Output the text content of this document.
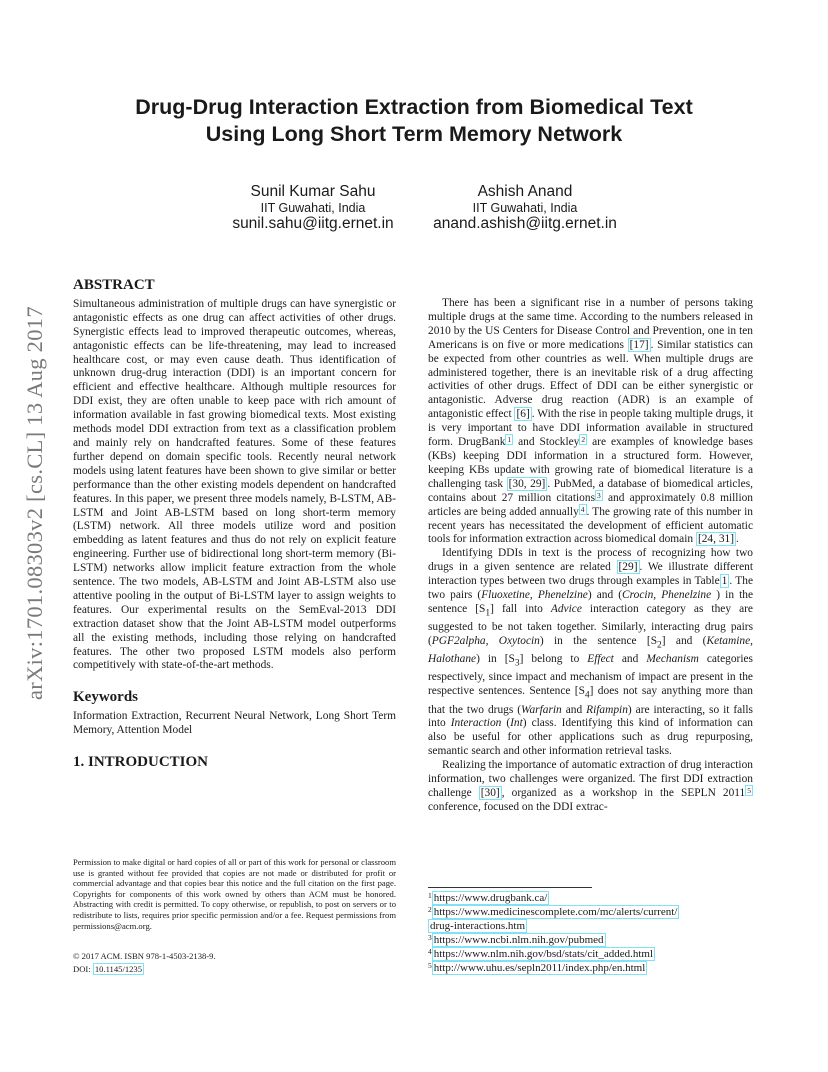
Drug-Drug Interaction Extraction from Biomedical Text
Using Long Short Term Memory Network
Sunil Kumar Sahu
IIT Guwahati, India
sunil.sahu@iitg.ernet.in
Ashish Anand
IIT Guwahati, India
anand.ashish@iitg.ernet.in
arXiv:1701.08303v2 [cs.CL] 13 Aug 2017
ABSTRACT

Simultaneous administration of multiple drugs can have synergistic or antagonistic effects as one drug can affect activities of other drugs. Synergistic effects lead to improved therapeutic outcomes, whereas, antagonistic effects can be life-threatening, may lead to increased healthcare cost, or may even cause death. Thus identification of unknown drug-drug interaction (DDI) is an important concern for efficient and effective healthcare. Although multiple resources for DDI exist, they are often unable to keep pace with rich amount of information available in fast growing biomedical texts. Most existing methods model DDI extraction from text as a classification problem and mainly rely on handcrafted features. Some of these features further depend on domain specific tools. Recently neural network models using latent features have been shown to give similar or better performance than the other existing models dependent on handcrafted features. In this paper, we present three models namely, B-LSTM, AB-LSTM and Joint AB-LSTM based on long short-term memory (LSTM) network. All three models utilize word and position embedding as latent features and thus do not rely on explicit feature engineering. Further use of bidirectional long short-term memory (Bi-LSTM) networks allow implicit feature extraction from the whole sentence. The two models, AB-LSTM and Joint AB-LSTM also use attentive pooling in the output of Bi-LSTM layer to assign weights to features. Our experimental results on the SemEval-2013 DDI extraction dataset show that the Joint AB-LSTM model outperforms all the existing methods, including those relying on handcrafted features. The other two proposed LSTM models also perform competitively with state-of-the-art methods.

Keywords

Information Extraction, Recurrent Neural Network, Long Short Term Memory, Attention Model

1. INTRODUCTION
Permission to make digital or hard copies of all or part of this work for personal or classroom use is granted without fee provided that copies are not made or distributed for profit or commercial advantage and that copies bear this notice and the full citation on the first page. Copyrights for components of this work owned by others than ACM must be honored. Abstracting with credit is permitted. To copy otherwise, or republish, to post on servers or to redistribute to lists, requires prior specific permission and/or a fee. Request permissions from permissions@acm.org.
© 2017 ACM. ISBN 978-1-4503-2138-9.
DOI: 10.1145/1235

There has been a significant rise in a number of persons taking multiple drugs at the same time. According to the numbers released in 2010 by the US Centers for Disease Control and Prevention, one in ten Americans is on five or more medications [17] . Similar statistics can be expected from other countries as well. When multiple drugs are administered together, there is an inevitable risk of a drug affecting activities of other drugs. Effect of DDI can be either synergistic or antagonistic. Adverse drug reaction (ADR) is an example of antagonistic effect [6] . With the rise in people taking multiple drugs, it is very important to have DDI information available in structured form. DrugBank $^1$ and Stockley $^2$ are examples of knowledge bases (KBs) keeping DDI information in a structured form. However, keeping KBs update with growing rate of biomedical literature is a challenging task [30, 29] . PubMed, a database of biomedical articles, contains about 27 million citations $^3$ and approximately 0.8 million articles are being added annually $^4$ . The growing rate of this number in recent years has necessitated the development of efficient automatic tools for information extraction across biomedical domain [24, 31] .

Identifying DDIs in text is the process of recognizing how two drugs in a given sentence are related [29] . We illustrate different interaction types between two drugs through examples in Table 1 . The two pairs (Fluoxetine, Phenelzine) and (Crocin, Phenelzine ) in the sentence $[S_1]$ fall into Advice interaction category as they are suggested to be not taken together. Similarly, interacting drug pairs (PGF2alpha, Oxytocin) in the sentence $[S_2]$ and (Ketamine, Halothane) in $[S_3]$ belong to Effect and Mechanism categories respectively, since impact and mechanism of impact are present in the respective sentences. Sentence $[S_4]$ does not say anything more than that the two drugs (Warfarin and Rifampin) are interacting, so it falls into Interaction (Int) class. Identifying this kind of information can also be useful for other applications such as drug repurposing, semantic search and other information retrieval tasks.

Realizing the importance of automatic extraction of drug interaction information, two challenges were organized. The first DDI extraction challenge [30] , organized as a workshop in the SEPLN 2011 $^5$ conference, focused on the DDI extrac-

$^1$ https://www.drugbank.ca/
$^2$ https://www.medicinescomplete.com/mc/alerts/current/
drug-interactions.htm
$^3$ https://www.ncbi.nlm.nih.gov/pubmed
$^4$ https://www.nlm.nih.gov/bsd/stats/cit_added.html
$^5$ http://www.uhu.es/sepln2011/index.php/en.html
